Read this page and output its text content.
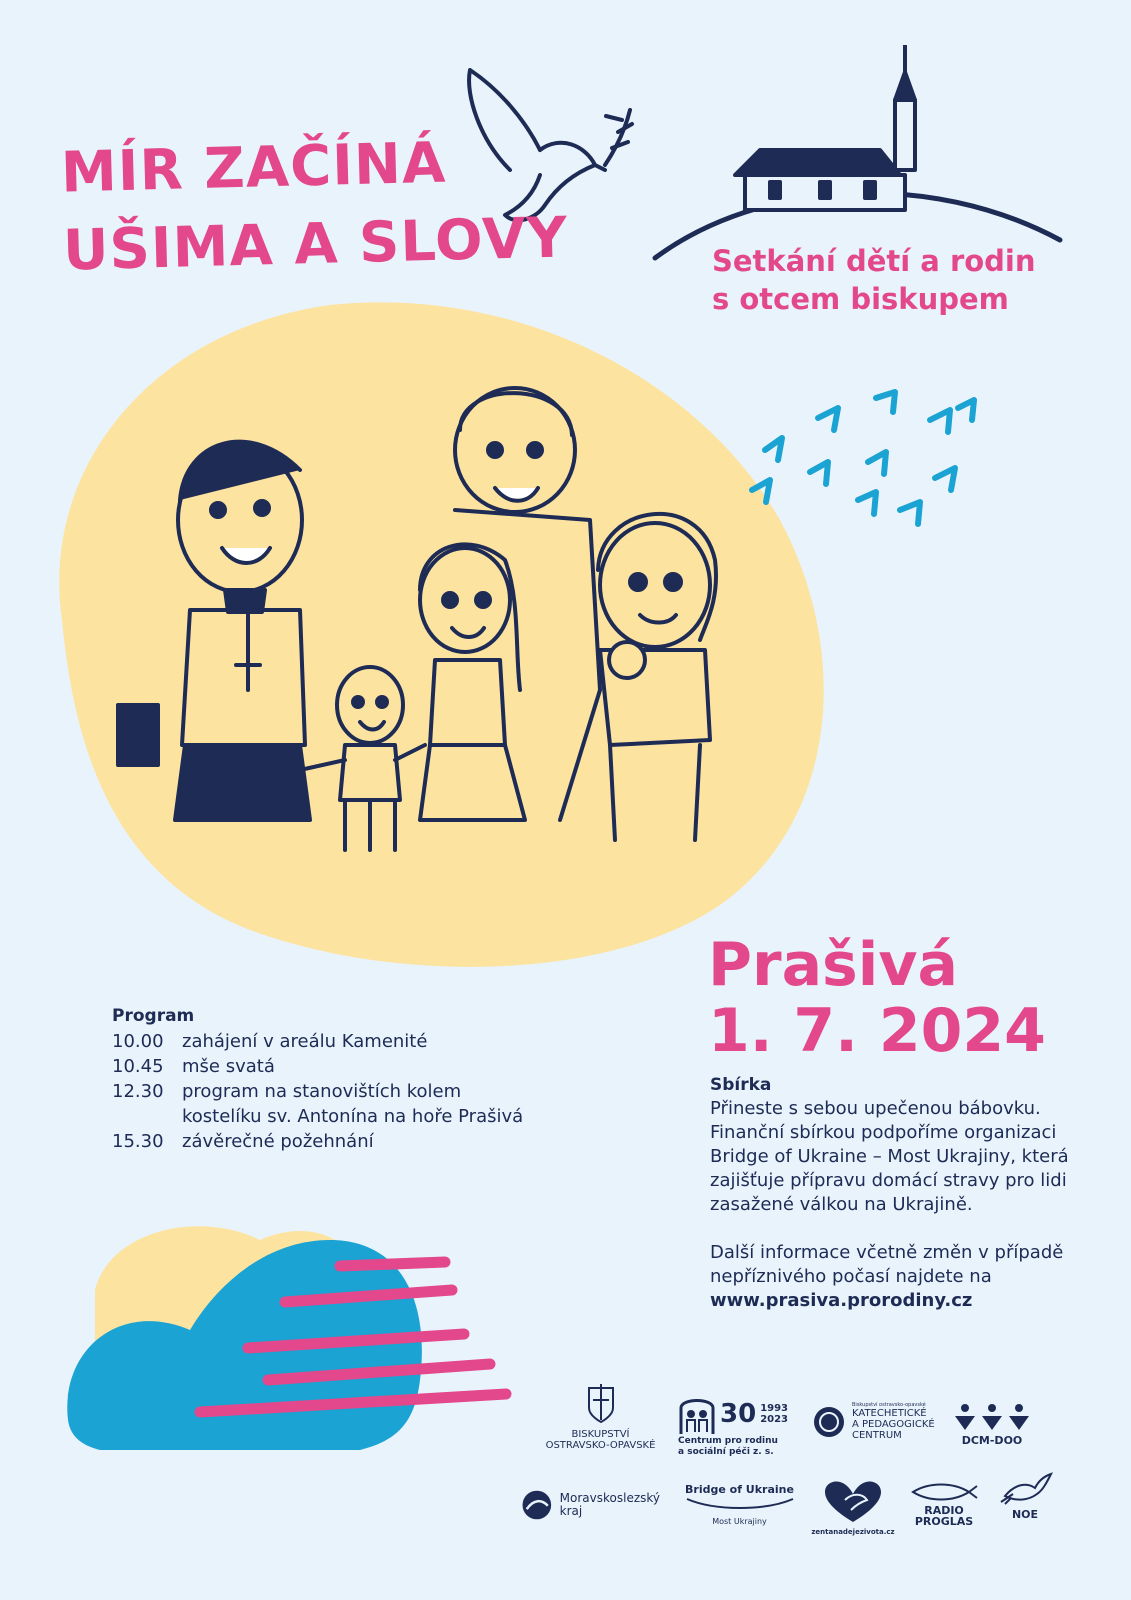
MÍR ZAČÍNÁ
UŠIMA A SLOVY	Setkání dětí a rodin
s otcem biskupem
Prašivá
1. 7. 2024
Program
10.00	zahájení v areálu Kamenité
10.45	mše svatá
12.30	program na stanovištích kolem kostelíku sv. Antonína na hoře Prašivá
15.30	závěrečné požehnání
Sbírka

Přineste s sebou upečenou bábovku. Finanční sbírkou podpoříme organizaci Bridge of Ukraine – Most Ukrajiny, která zajišťuje přípravu domácí stravy pro lidi zasažené válkou na Ukrajině.

Další informace včetně změn v případě nepříznivého počasí najdete na

www.prasiva.prorodiny.cz

BISKUPSTVÍ
OSTRAVSKO-OPAVSKÉ
30 1993
2023
Centrum pro rodinu
a sociální péči z. s.
Biskupství ostravsko-opavské
KATECHETICKÉ
A PEDAGOGICKÉ
CENTRUM	DCM-DOO
Moravskoslezský
kraj
Bridge of Ukraine
Most Ukrajiny
zentanadejezivota.cz
RADIO
PROGLAS
NOE
